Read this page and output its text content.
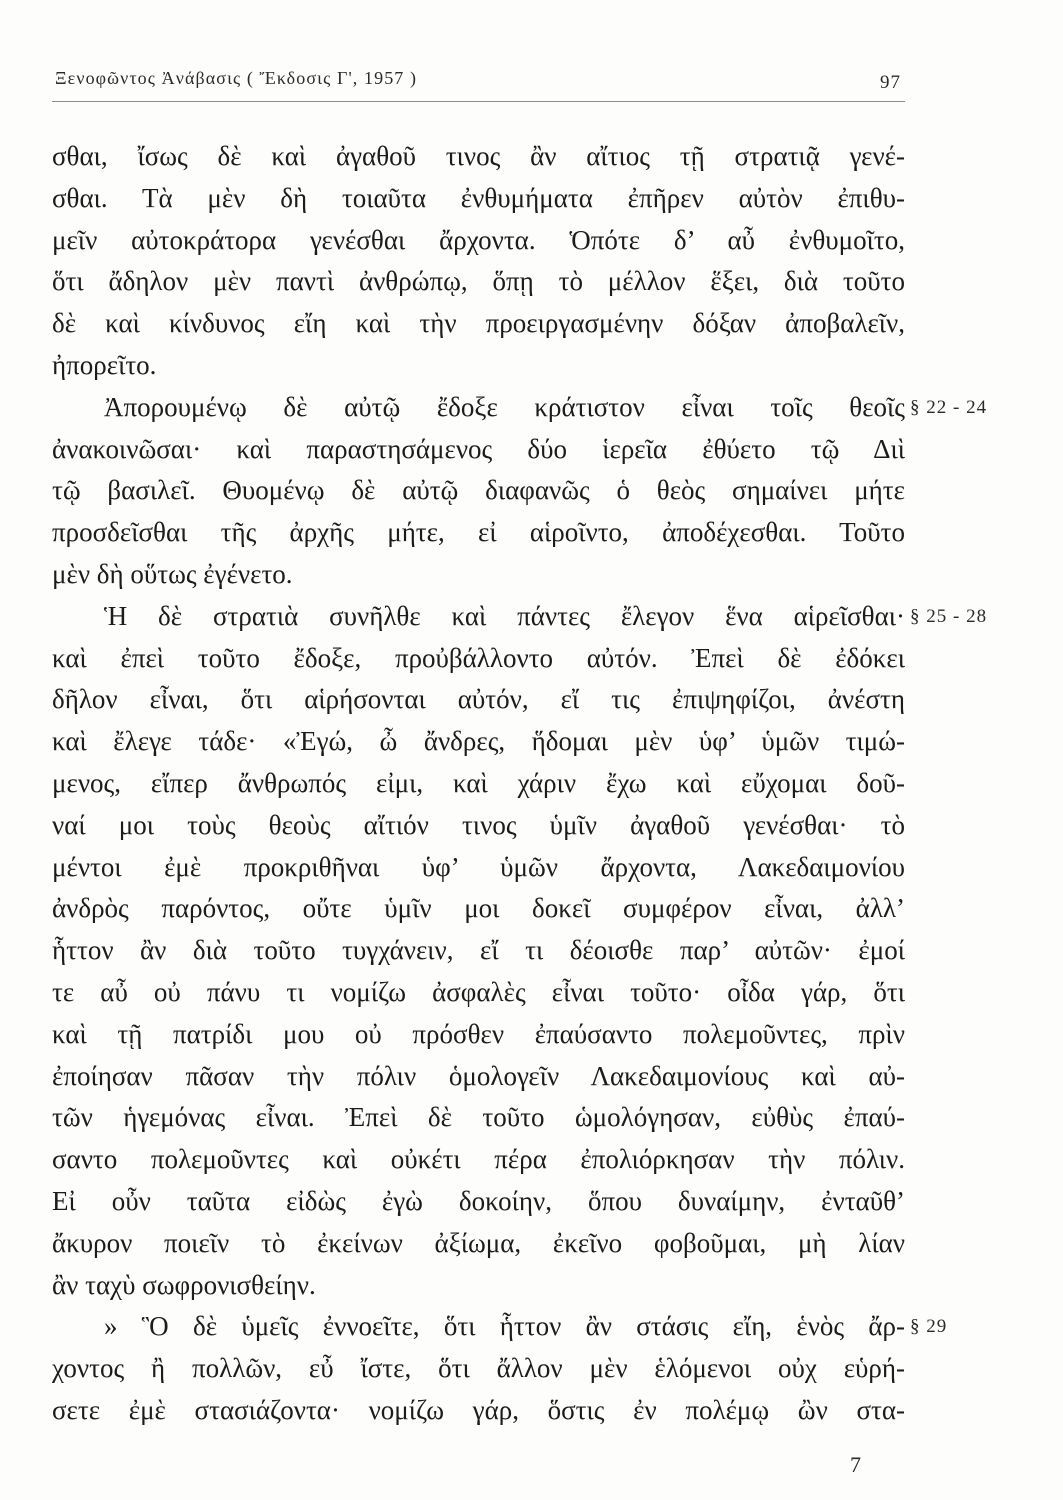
Ξενοφῶντος Ἀνάβασις ( Ἔκδοσις Γ', 1957 )	97
σθαι, ἴσως δὲ καὶ ἀγαθοῦ τινος ἂν αἴτιος τῇ στρατιᾷ γενέ-
σθαι. Τὰ μὲν δὴ τοιαῦτα ἐνθυμήματα ἐπῆρεν αὐτὸν ἐπιθυ-
μεῖν αὐτοκράτορα γενέσθαι ἄρχοντα. Ὁπότε δ’ αὖ ἐνθυμοῖτο,
ὅτι ἄδηλον μὲν παντὶ ἀνθρώπῳ, ὅπῃ τὸ μέλλον ἕξει, διὰ τοῦτο
δὲ καὶ κίνδυνος εἴη καὶ τὴν προειργασμένην δόξαν ἀποβαλεῖν,
ἠπορεῖτο.
Ἀπορουμένῳ δὲ αὐτῷ ἔδοξε κράτιστον εἶναι τοῖς θεοῖς § 22 - 24
ἀνακοινῶσαι· καὶ παραστησάμενος δύο ἱερεῖα ἐθύετο τῷ Διὶ
τῷ βασιλεῖ. Θυομένῳ δὲ αὐτῷ διαφανῶς ὁ θεὸς σημαίνει μήτε
προσδεῖσθαι τῆς ἀρχῆς μήτε, εἰ αἱροῖντο, ἀποδέχεσθαι. Τοῦτο
μὲν δὴ οὕτως ἐγένετο.
Ἡ δὲ στρατιὰ συνῆλθε καὶ πάντες ἔλεγον ἕνα αἱρεῖσθαι· § 25 - 28
καὶ ἐπεὶ τοῦτο ἔδοξε, προὐβάλλοντο αὐτόν. Ἐπεὶ δὲ ἐδόκει
δῆλον εἶναι, ὅτι αἱρήσονται αὐτόν, εἴ τις ἐπιψηφίζοι, ἀνέστη
καὶ ἔλεγε τάδε· «Ἐγώ, ὦ ἄνδρες, ἥδομαι μὲν ὑφ’ ὑμῶν τιμώ-
μενος, εἴπερ ἄνθρωπός εἰμι, καὶ χάριν ἔχω καὶ εὔχομαι δοῦ-
ναί μοι τοὺς θεοὺς αἴτιόν τινος ὑμῖν ἀγαθοῦ γενέσθαι· τὸ
μέντοι ἐμὲ προκριθῆναι ὑφ’ ὑμῶν ἄρχοντα, Λακεδαιμονίου
ἀνδρὸς παρόντος, οὔτε ὑμῖν μοι δοκεῖ συμφέρον εἶναι, ἀλλ’
ἧττον ἂν διὰ τοῦτο τυγχάνειν, εἴ τι δέοισθε παρ’ αὐτῶν· ἐμοί
τε αὖ οὐ πάνυ τι νομίζω ἀσφαλὲς εἶναι τοῦτο· οἶδα γάρ, ὅτι
καὶ τῇ πατρίδι μου οὐ πρόσθεν ἐπαύσαντο πολεμοῦντες, πρὶν
ἐποίησαν πᾶσαν τὴν πόλιν ὁμολογεῖν Λακεδαιμονίους καὶ αὐ-
τῶν ἡγεμόνας εἶναι. Ἐπεὶ δὲ τοῦτο ὡμολόγησαν, εὐθὺς ἐπαύ-
σαντο πολεμοῦντες καὶ οὐκέτι πέρα ἐπολιόρκησαν τὴν πόλιν.
Εἰ οὖν ταῦτα εἰδὼς ἐγὼ δοκοίην, ὅπου δυναίμην, ἐνταῦθ’
ἄκυρον ποιεῖν τὸ ἐκείνων ἀξίωμα, ἐκεῖνο φοβοῦμαι, μὴ λίαν
ἂν ταχὺ σωφρονισθείην.
» Ὃ δὲ ὑμεῖς ἐννοεῖτε, ὅτι ἧττον ἂν στάσις εἴη, ἑνὸς ἄρ- § 29
χοντος ἢ πολλῶν, εὖ ἴστε, ὅτι ἄλλον μὲν ἑλόμενοι οὐχ εὑρή-
σετε ἐμὲ στασιάζοντα· νομίζω γάρ, ὅστις ἐν πολέμῳ ὢν στα-
7
